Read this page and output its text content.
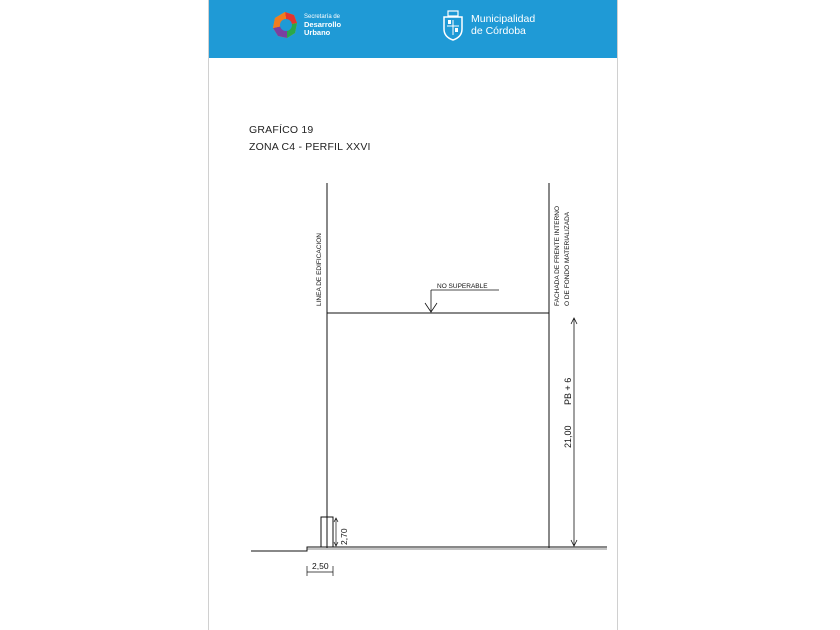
Secretaría de
Desarrollo
Urbano
Municipalidad
de Córdoba
GRAFÍCO 19
ZONA C4 - PERFIL XXVI
NO SUPERABLE
LINEA DE EDIFICACION	FACHADA DE FRENTE INTERNO O DE FONDO MATERIALIZADA
21,00
PB + 6
2,70
2,50
